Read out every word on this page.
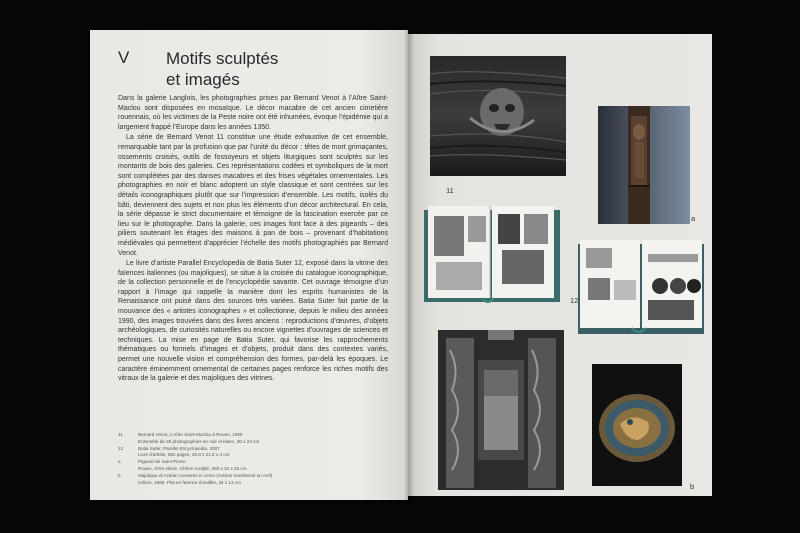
V Motifs sculptés
et imagés

Dans la galerie Langlois, les photographies prises par Bernard Venot à l’Aître Saint-Maclou sont disposées en mosaïque. Le décor macabre de cet ancien cimetière rouennais, où les victimes de la Peste noire ont été inhumées, évoque l’épidémie qui a largement frappé l’Europe dans les années 1350.

La série de Bernard Venot 11 constitue une étude exhaustive de cet ensemble, remarquable tant par la profusion que par l’unité du décor : têtes de mort grimaçantes, ossements croisés, outils de fossoyeurs et objets liturgiques sont sculptés sur les montants de bois des galeries. Ces représentations codées et symboliques de la mort sont complétées par des danses macabres et des frises végétales ornementales. Les photographies en noir et blanc adoptent un style classique et sont centrées sur les détails iconographiques plutôt que sur l’impression d’ensemble. Les motifs, isolés du bâti, deviennent des sujets et non plus les éléments d’un décor architectural. En cela, la série dépasse le strict documentaire et témoigne de la fascination exercée par ce lieu sur le photographe. Dans la galerie, ces images font face à des pigeards – des piliers soutenant les étages des maisons à pan de bois – provenant d’habitations médiévales qui permettent d’apprécier l’échelle des motifs photographiés par Bernard Venot.

Le livre d’artiste Parallel Encyclopedia de Batia Suter 12, exposé dans la vitrine des faïences italiennes (ou majoliques), se situe à la croisée du catalogue iconographique, de la collection personnelle et de l’encyclopédie savante. Cet ouvrage témoigne d’un rapport à l’image qui rappelle la manière dont les esprits humanistes de la Renaissance ont puisé dans des sources très variées. Batia Suter fait partie de la mouvance des « artistes iconographes » et collectionne, depuis le milieu des années 1990, des images trouvées dans des livres anciens : reproductions d’œuvres, d’objets archéologiques, de curiosités naturelles ou encore vignettes d’ouvrages de sciences et techniques. La mise en page de Batia Suter, qui favorise les rapprochements thématiques ou formels d’images et d’objets, produit dans des contextes variés, permet une nouvelle vision et compréhension des formes, par-delà les époques. Le caractère éminemment ornemental de certaines pages renforce les riches motifs des vitraux de la galerie et des majoliques des vitrines.

11	Bernard Venot, L’Aître Saint-Maclou à Rouen, 1980
Ensemble de 25 photographies en noir et blanc, 30 x 24 cm
12	Batia Suter, Parallel Encyclopedia, 2007
Livre d’artiste, 592 pages, 28,8 x 21,8 x 4 cm
a	Pigeard de Saint Pierre.
Rouen, XVIe siècle. Chêne sculpté, 260 x 32 x 25 cm
b	Majolique di Actéon converso in cervo (Actéon transformé en cerf)
Urbino, 1560. Plat en faïence émaillée, 34 x 13 cm
11
a
12
11	b
